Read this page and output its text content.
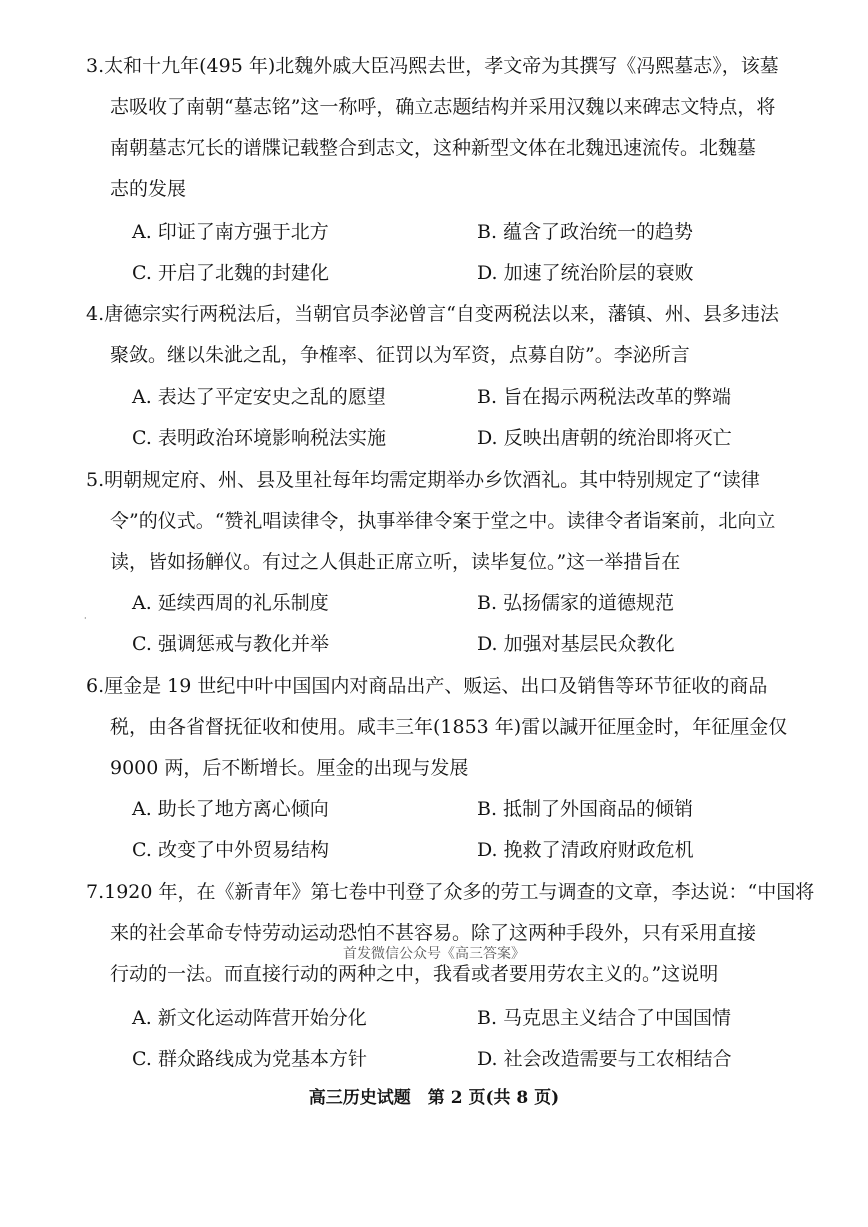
3.太和十九年(495 年)北魏外戚大臣冯熙去世，孝文帝为其撰写《冯熙墓志》，该墓
志吸收了南朝“墓志铭”这一称呼，确立志题结构并采用汉魏以来碑志文特点，将
南朝墓志冗长的谱牒记载整合到志文，这种新型文体在北魏迅速流传。北魏墓
志的发展
A. 印证了南方强于北方	B. 蕴含了政治统一的趋势
C. 开启了北魏的封建化	D. 加速了统治阶层的衰败
4.唐德宗实行两税法后，当朝官员李泌曾言“自变两税法以来，藩镇、州、县多违法
聚敛。继以朱泚之乱，争榷率、征罚以为军资，点募自防”。李泌所言
A. 表达了平定安史之乱的愿望	B. 旨在揭示两税法改革的弊端
C. 表明政治环境影响税法实施	D. 反映出唐朝的统治即将灭亡
5.明朝规定府、州、县及里社每年均需定期举办乡饮酒礼。其中特别规定了“读律
令”的仪式。“赞礼唱读律令，执事举律令案于堂之中。读律令者诣案前，北向立
读，皆如扬觯仪。有过之人俱赴正席立听，读毕复位。”这一举措旨在
·
A. 延续西周的礼乐制度	B. 弘扬儒家的道德规范
C. 强调惩戒与教化并举	D. 加强对基层民众教化
6.厘金是 19 世纪中叶中国国内对商品出产、贩运、出口及销售等环节征收的商品
税，由各省督抚征收和使用。咸丰三年(1853 年)雷以諴开征厘金时，年征厘金仅
9000 两，后不断增长。厘金的出现与发展
A. 助长了地方离心倾向	B. 抵制了外国商品的倾销
C. 改变了中外贸易结构	D. 挽救了清政府财政危机
7.1920 年，在《新青年》第七卷中刊登了众多的劳工与调查的文章，李达说：“中国将
来的社会革命专恃劳动运动恐怕不甚容易。除了这两种手段外，只有采用直接
行动的一法。而直接行动的两种之中，我看或者要用劳农主义的。”这说明
首发微信公众号《高三答案》
A. 新文化运动阵营开始分化	B. 马克思主义结合了中国国情
C. 群众路线成为党基本方针	D. 社会改造需要与工农相结合
高三历史试题　第 2 页(共 8 页)
